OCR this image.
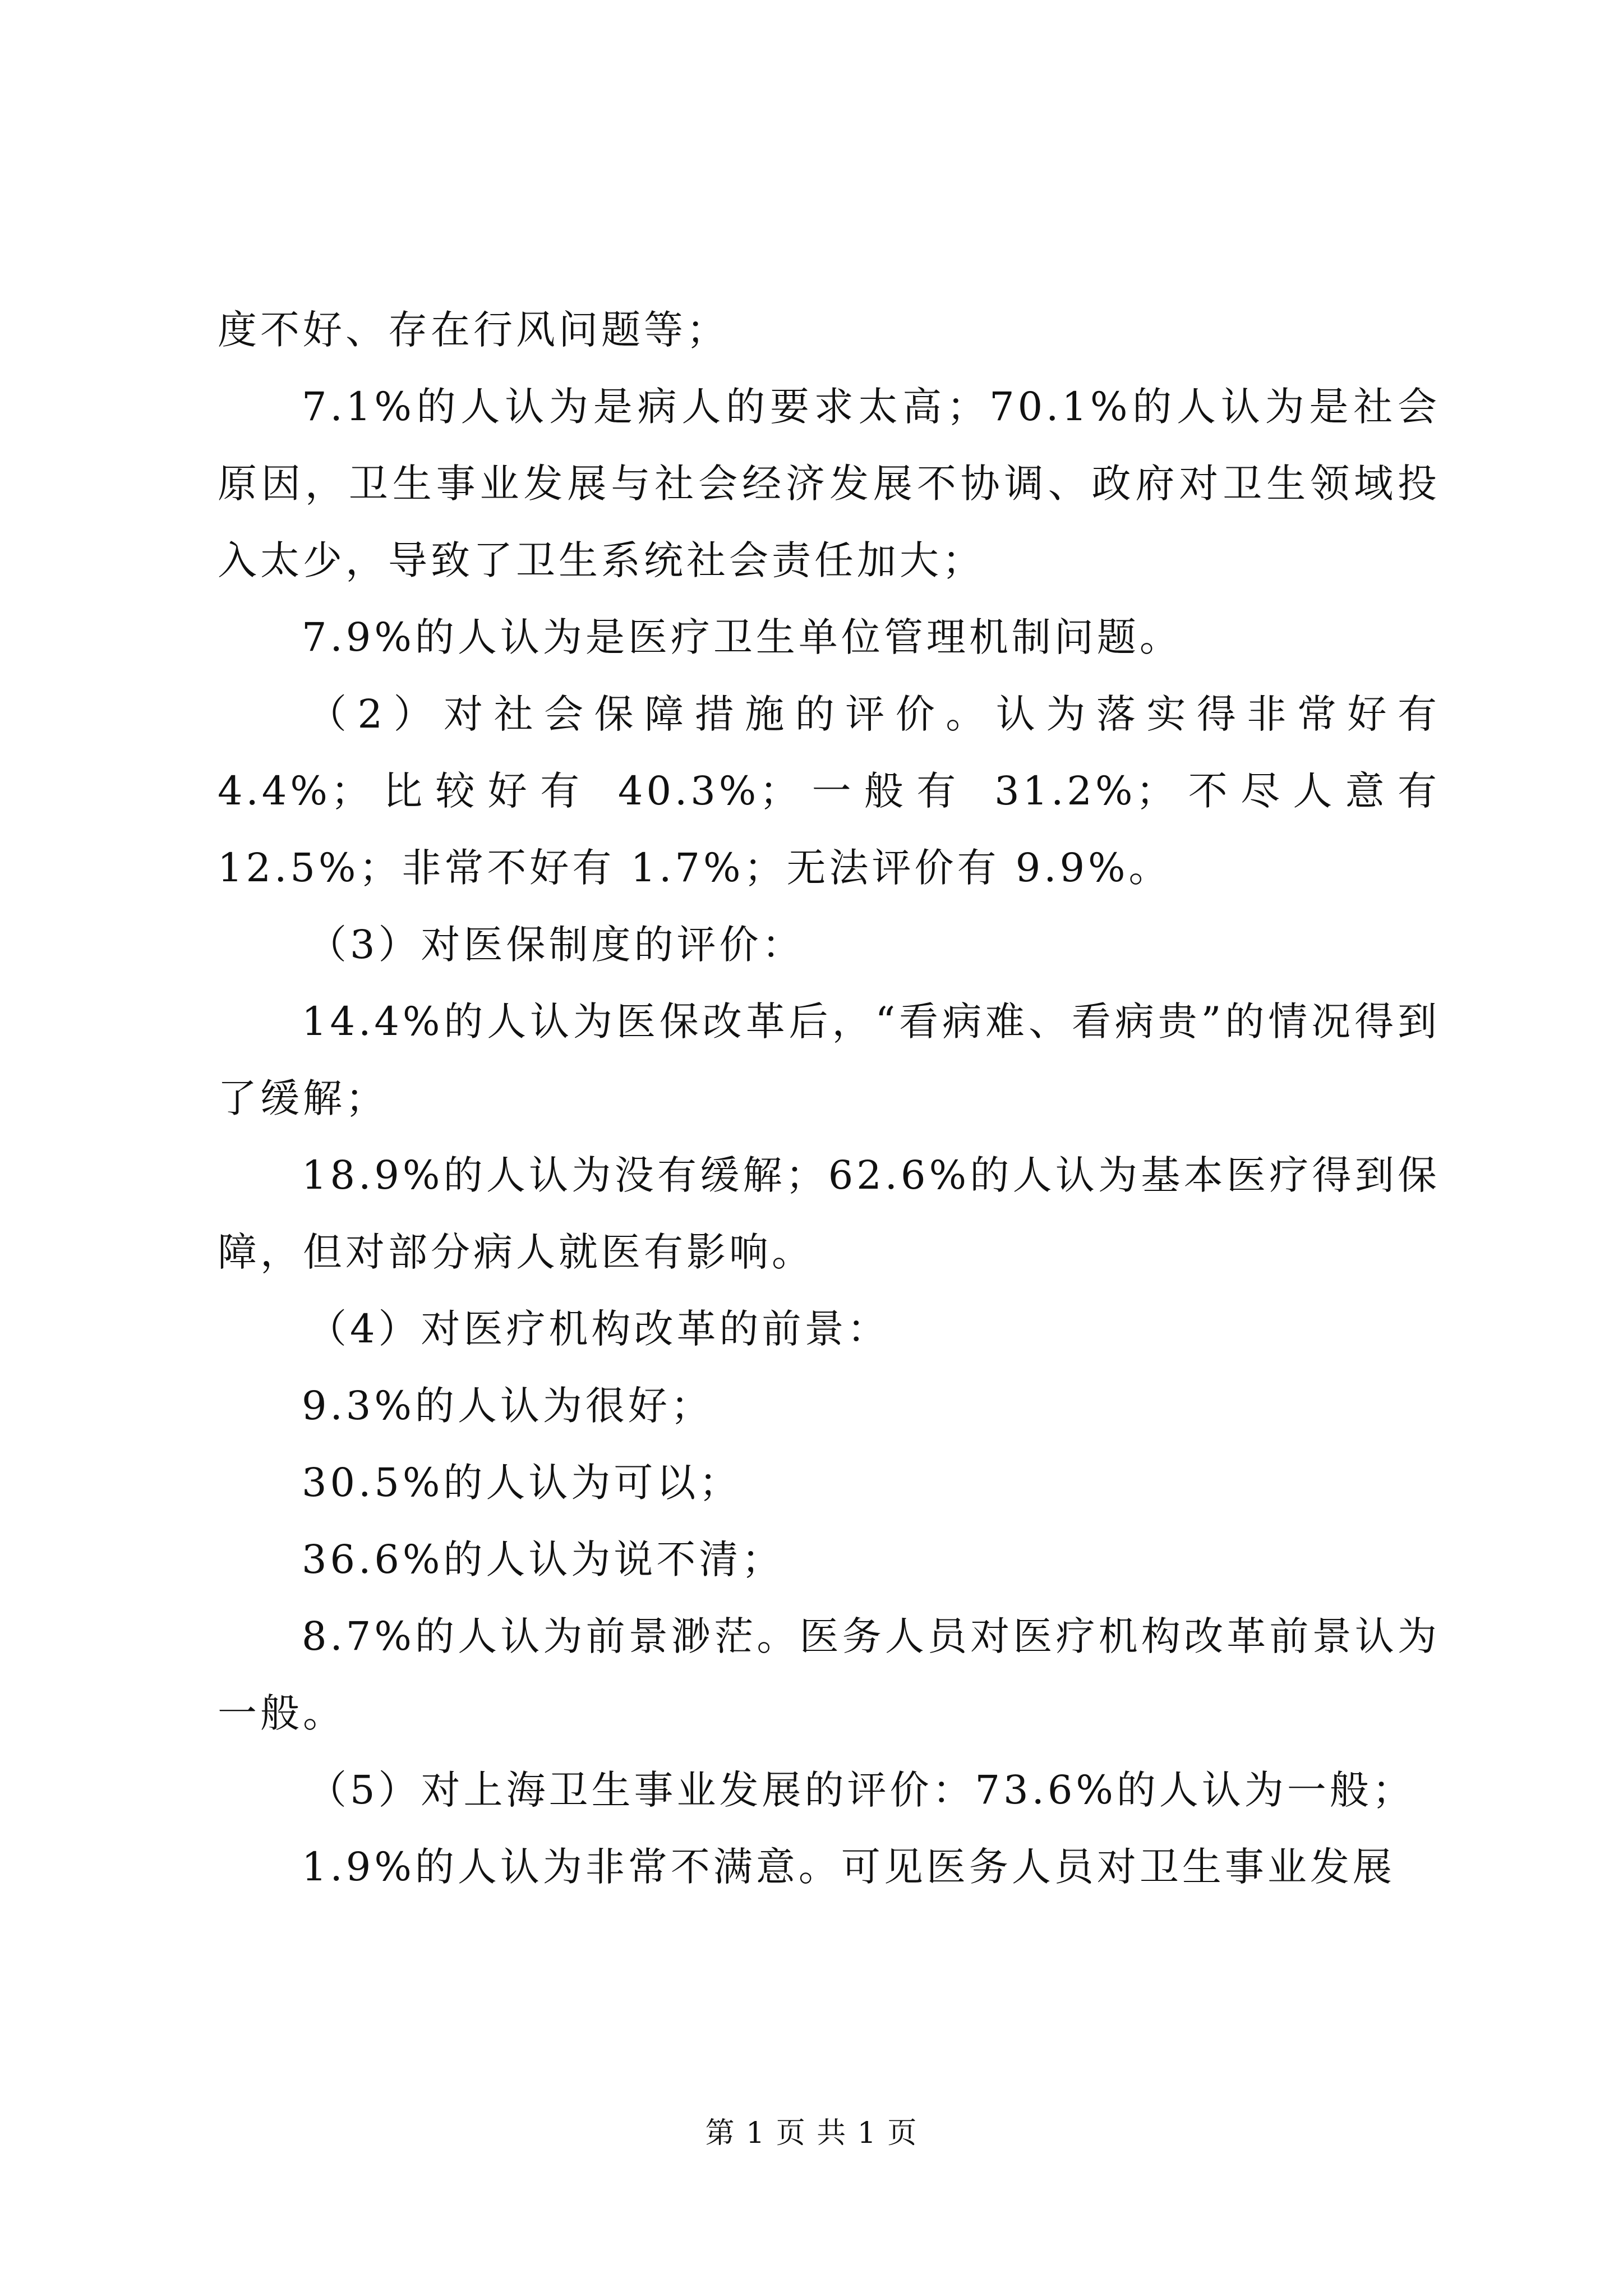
度不好、存在行风问题等；

7.1%的人认为是病人的要求太高；70.1%的人认为是社会原因，卫生事业发展与社会经济发展不协调、政府对卫生领域投入太少，导致了卫生系统社会责任加大；

7.9%的人认为是医疗卫生单位管理机制问题。

（2）对社会保障措施的评价。认为落实得非常好有 4.4%；比较好有 40.3%；一般有 31.2%；不尽人意有 12.5%；非常不好有 1.7%；无法评价有 9.9%。

（3）对医保制度的评价：

14.4%的人认为医保改革后，“看病难、看病贵”的情况得到了缓解；

18.9%的人认为没有缓解；62.6%的人认为基本医疗得到保障，但对部分病人就医有影响。

（4）对医疗机构改革的前景：

9.3%的人认为很好；

30.5%的人认为可以；

36.6%的人认为说不清；

8.7%的人认为前景渺茫。医务人员对医疗机构改革前景认为一般。

（5）对上海卫生事业发展的评价：73.6%的人认为一般；

1.9%的人认为非常不满意。可见医务人员对卫生事业发展

第 1 页 共 1 页
